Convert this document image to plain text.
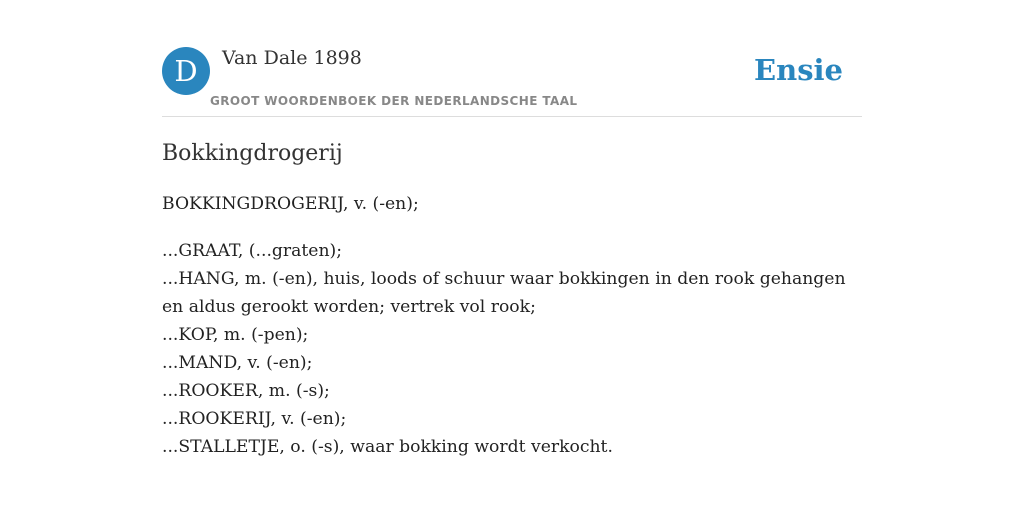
D	Van Dale 1898
GROOT WOORDENBOEK DER NEDERLANDSCHE TAAL
Ensie
Bokkingdrogerij

BOKKINGDROGERIJ, v. (-en);

...GRAAT, (...graten);

...HANG, m. (-en), huis, loods of schuur waar bokkingen in den rook gehangen en aldus gerookt worden; vertrek vol rook;

...KOP, m. (-pen);

...MAND, v. (-en);

...ROOKER, m. (-s);

...ROOKERIJ, v. (-en);

...STALLETJE, o. (-s), waar bokking wordt verkocht.
